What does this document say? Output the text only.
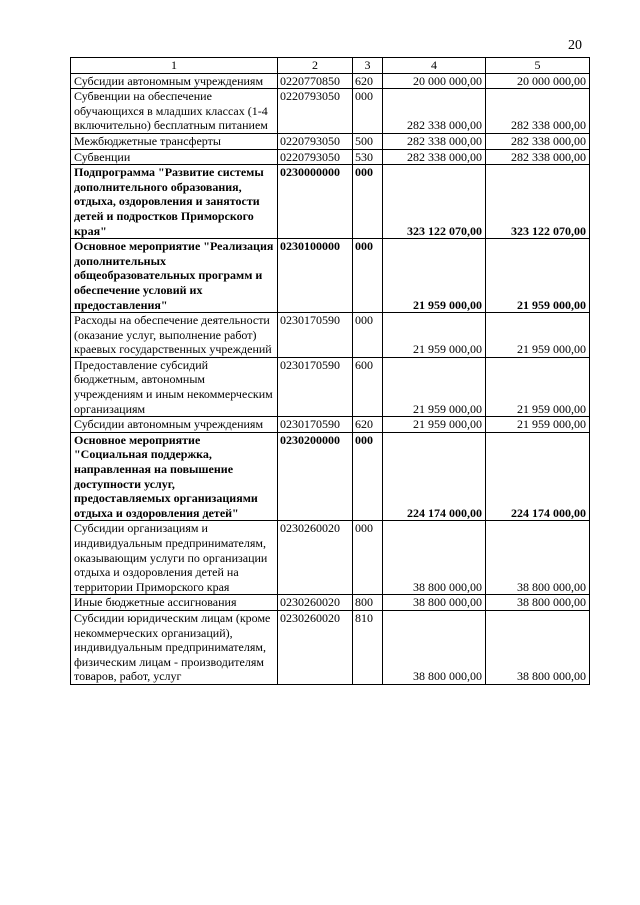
20
1	2	3	4	5
Субсидии автономным учреждениям	0220770850	620	20 000 000,00	20 000 000,00
Субвенции на обеспечение обучающихся в младших классах (1-4 включительно) бесплатным питанием	0220793050	000	282 338 000,00	282 338 000,00
Межбюджетные трансферты	0220793050	500	282 338 000,00	282 338 000,00
Субвенции	0220793050	530	282 338 000,00	282 338 000,00
Подпрограмма "Развитие системы дополнительного образования, отдыха, оздоровления и занятости детей и подростков Приморского края"	0230000000	000	323 122 070,00	323 122 070,00
Основное мероприятие "Реализация дополнительных общеобразовательных программ и обеспечение условий их предоставления"	0230100000	000	21 959 000,00	21 959 000,00
Расходы на обеспечение деятельности (оказание услуг, выполнение работ) краевых государственных учреждений	0230170590	000	21 959 000,00	21 959 000,00
Предоставление субсидий бюджетным, автономным учреждениям и иным некоммерческим организациям	0230170590	600	21 959 000,00	21 959 000,00
Субсидии автономным учреждениям	0230170590	620	21 959 000,00	21 959 000,00
Основное мероприятие "Социальная поддержка, направленная на повышение доступности услуг, предоставляемых организациями отдыха и оздоровления детей"	0230200000	000	224 174 000,00	224 174 000,00
Субсидии организациям и индивидуальным предпринимателям, оказывающим услуги по организации отдыха и оздоровления детей на территории Приморского края	0230260020	000	38 800 000,00	38 800 000,00
Иные бюджетные ассигнования	0230260020	800	38 800 000,00	38 800 000,00
Субсидии юридическим лицам (кроме некоммерческих организаций), индивидуальным предпринимателям, физическим лицам - производителям товаров, работ, услуг	0230260020	810	38 800 000,00	38 800 000,00
